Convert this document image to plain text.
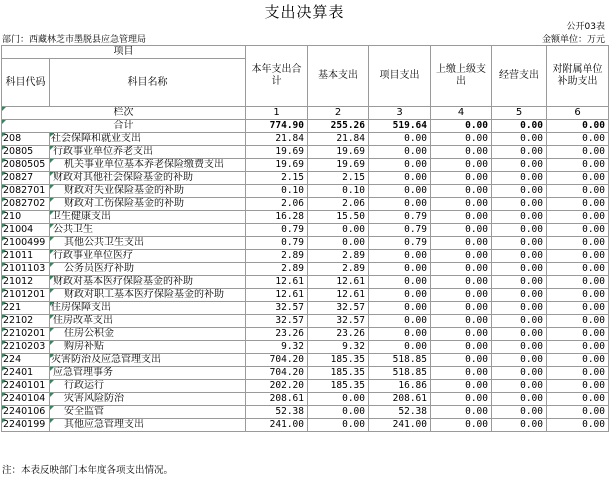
支出决算表
公开03表
部门：西藏林芝市墨脱县应急管理局	金额单位：万元
项目		本年支出合计	基本支出	项目支出	上缴上级支出	经营支出	对附属单位补助支出
科目代码	科目名称						
栏次		1	2	3	4	5	6
合计		774.90	255.26	519.64	0.00	0.00	0.00
208	社会保障和就业支出	21.84	21.84	0.00	0.00	0.00	0.00
20805	行政事业单位养老支出	19.69	19.69	0.00	0.00	0.00	0.00
2080505	机关事业单位基本养老保险缴费支出	19.69	19.69	0.00	0.00	0.00	0.00
20827	财政对其他社会保险基金的补助	2.15	2.15	0.00	0.00	0.00	0.00
2082701	财政对失业保险基金的补助	0.10	0.10	0.00	0.00	0.00	0.00
2082702	财政对工伤保险基金的补助	2.06	2.06	0.00	0.00	0.00	0.00
210	卫生健康支出	16.28	15.50	0.79	0.00	0.00	0.00
21004	公共卫生	0.79	0.00	0.79	0.00	0.00	0.00
2100499	其他公共卫生支出	0.79	0.00	0.79	0.00	0.00	0.00
21011	行政事业单位医疗	2.89	2.89	0.00	0.00	0.00	0.00
2101103	公务员医疗补助	2.89	2.89	0.00	0.00	0.00	0.00
21012	财政对基本医疗保险基金的补助	12.61	12.61	0.00	0.00	0.00	0.00
2101201	财政对职工基本医疗保险基金的补助	12.61	12.61	0.00	0.00	0.00	0.00
221	住房保障支出	32.57	32.57	0.00	0.00	0.00	0.00
22102	住房改革支出	32.57	32.57	0.00	0.00	0.00	0.00
2210201	住房公积金	23.26	23.26	0.00	0.00	0.00	0.00
2210203	购房补贴	9.32	9.32	0.00	0.00	0.00	0.00
224	灾害防治及应急管理支出	704.20	185.35	518.85	0.00	0.00	0.00
22401	应急管理事务	704.20	185.35	518.85	0.00	0.00	0.00
2240101	行政运行	202.20	185.35	16.86	0.00	0.00	0.00
2240104	灾害风险防治	208.61	0.00	208.61	0.00	0.00	0.00
2240106	安全监管	52.38	0.00	52.38	0.00	0.00	0.00
2240199	其他应急管理支出	241.00	0.00	241.00	0.00	0.00	0.00
注：本表反映部门本年度各项支出情况。
